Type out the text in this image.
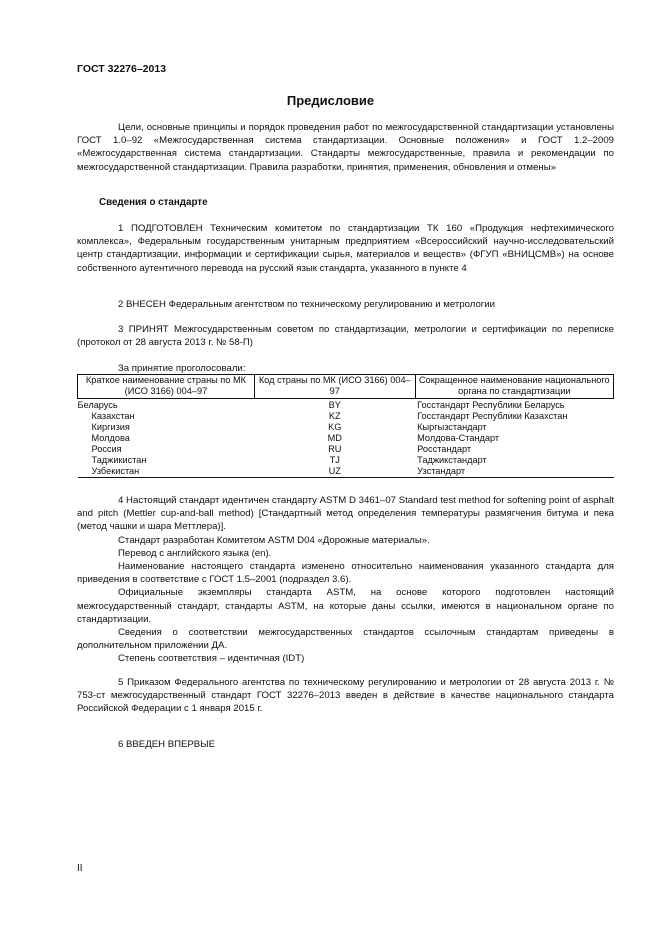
ГОСТ 32276–2013
Предисловие

Цели, основные принципы и порядок проведения работ по межгосударственной стандартизации установлены ГОСТ 1.0–92 «Межгосударственная система стандартизации. Основные положения» и ГОСТ 1.2–2009 «Межгосударственная система стандартизации. Стандарты межгосударственные, правила и рекомендации по межгосударственной стандартизации. Правила разработки, принятия, применения, обновления и отмены»

Сведения о стандарте

1 ПОДГОТОВЛЕН Техническим комитетом по стандартизации ТК 160 «Продукция нефтехимического комплекса», Федеральным государственным унитарным предприятием «Всероссийский научно-исследовательский центр стандартизации, информации и сертификации сырья, материалов и веществ» (ФГУП «ВНИЦСМВ») на основе собственного аутентичного перевода на русский язык стандарта, указанного в пункте 4

2 ВНЕСЕН Федеральным агентством по техническому регулированию и метрологии

3 ПРИНЯТ Межгосударственным советом по стандартизации, метрологии и сертификации по переписке (протокол от 28 августа 2013 г. № 58-П)

За принятие проголосовали:
Краткое наименование страны по МК (ИСО 3166) 004–97	Код страны по МК (ИСО 3166) 004–97	Сокращенное наименование национального органа по стандартизации
Беларусь	BY	Госстандарт Республики Беларусь
Казахстан	KZ	Госстандарт Республики Казахстан
Киргизия	KG	Кыргызстандарт
Молдова	MD	Молдова-Стандарт
Россия	RU	Росстандарт
Таджикистан	TJ	Таджикстандарт
Узбекистан	UZ	Узстандарт

4 Настоящий стандарт идентичен стандарту ASTM D 3461–07 Standard test method for softening point of asphalt and pitch (Mettler cup-and-ball method) [Стандартный метод определения температуры размягчения битума и пека (метод чашки и шара Меттлера)].

Стандарт разработан Комитетом ASTM D04 «Дорожные материалы».

Перевод с английского языка (en).

Наименование настоящего стандарта изменено относительно наименования указанного стандарта для приведения в соответствие с ГОСТ 1.5–2001 (подраздел 3.6).

Официальные экземпляры стандарта ASTM, на основе которого подготовлен настоящий межгосударственный стандарт, стандарты ASTM, на которые даны ссылки, имеются в национальном органе по стандартизации.

Сведения о соответствии межгосударственных стандартов ссылочным стандартам приведены в дополнительном приложении ДА.

Степень соответствия – идентичная (IDT)

5 Приказом Федерального агентства по техническому регулированию и метрологии от 28 августа 2013 г. № 753-ст межгосударственный стандарт ГОСТ 32276–2013 введен в действие в качестве национального стандарта Российской Федерации с 1 января 2015 г.

6 ВВЕДЕН ВПЕРВЫЕ

II
